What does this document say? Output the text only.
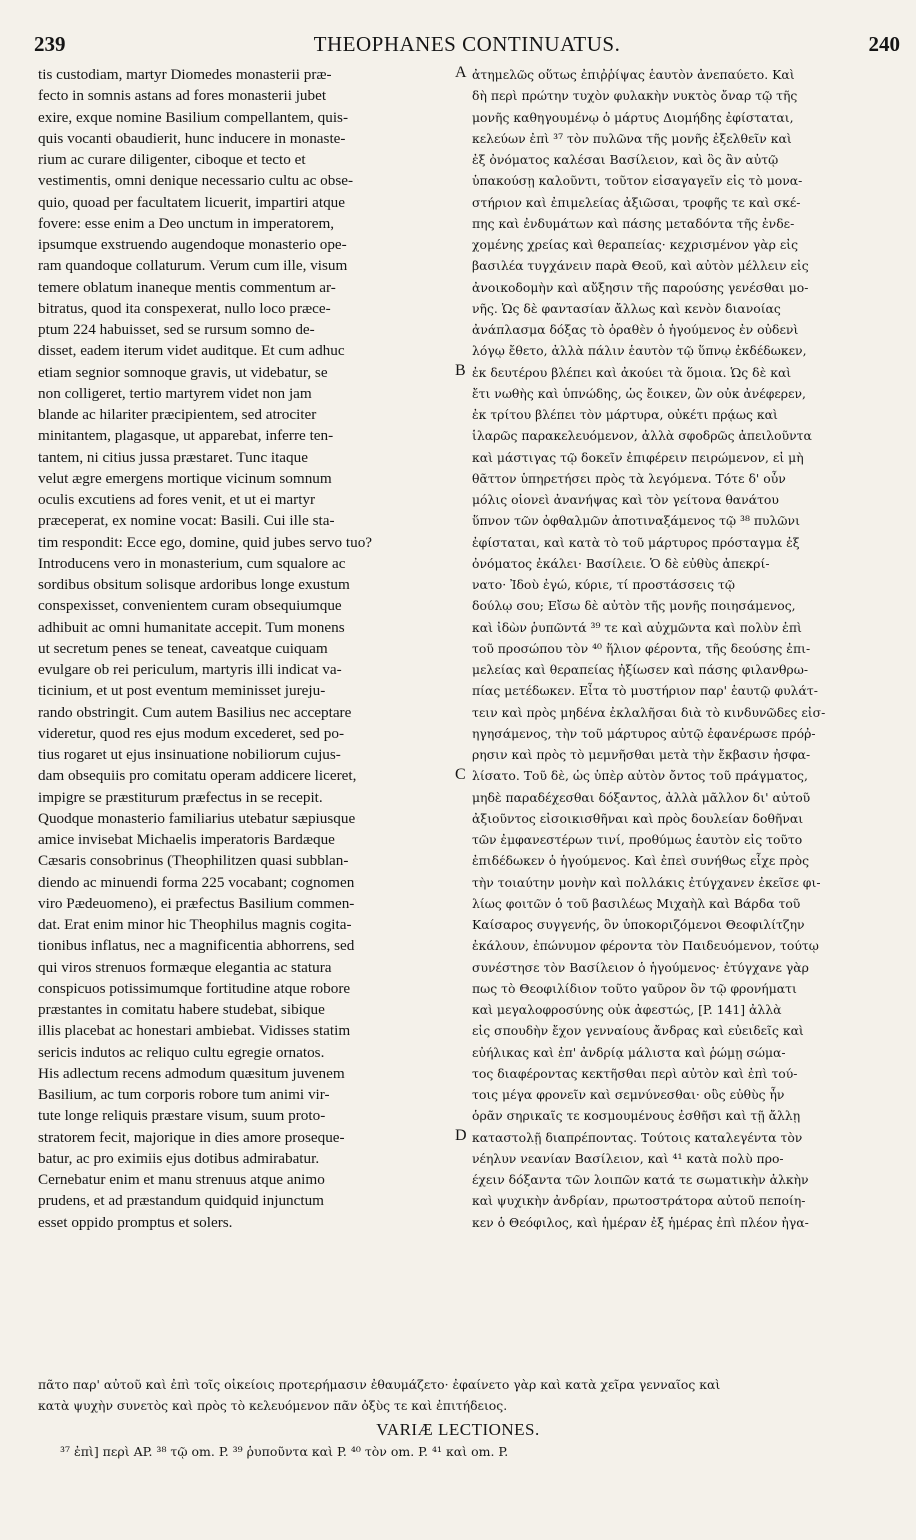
239	THEOPHANES CONTINUATUS.	240
tis custodiam, martyr Diomedes monasterii præ-
fecto in somnis astans ad fores monasterii jubet
exire, exque nomine Basilium compellantem, quis-
quis vocanti obaudierit, hunc inducere in monaste-
rium ac curare diligenter, ciboque et tecto et
vestimentis, omni denique necessario cultu ac obse-
quio, quoad per facultatem licuerit, impartiri atque
fovere: esse enim a Deo unctum in imperatorem,
ipsumque exstruendo augendoque monasterio ope-
ram quandoque collaturum. Verum cum ille, visum
temere oblatum inaneque mentis commentum ar-
bitratus, quod ita conspexerat, nullo loco præce-
ptum 224 habuisset, sed se rursum somno de-
disset, eadem iterum videt auditque. Et cum adhuc
etiam segnior somnoque gravis, ut videbatur, se
non colligeret, tertio martyrem videt non jam
blande ac hilariter præcipientem, sed atrociter
minitantem, plagasque, ut apparebat, inferre ten-
tantem, ni citius jussa præstaret. Tunc itaque
velut ægre emergens mortique vicinum somnum
oculis excutiens ad fores venit, et ut ei martyr
præceperat, ex nomine vocat: Basili. Cui ille sta-
tim respondit: Ecce ego, domine, quid jubes servo tuo?
Introducens vero in monasterium, cum squalore ac
sordibus obsitum solisque ardoribus longe exustum
conspexisset, convenientem curam obsequiumque
adhibuit ac omni humanitate accepit. Tum monens
ut secretum penes se teneat, caveatque cuiquam
evulgare ob rei periculum, martyris illi indicat va-
ticinium, et ut post eventum meminisset jureju-
rando obstringit. Cum autem Basilius nec acceptare
videretur, quod res ejus modum excederet, sed po-
tius rogaret ut ejus insinuatione nobiliorum cujus-
dam obsequiis pro comitatu operam addicere liceret,
impigre se præstiturum præfectus in se recepit.
Quodque monasterio familiarius utebatur sæpiusque
amice invisebat Michaelis imperatoris Bardæque
Cæsaris consobrinus (Theophilitzen quasi subblan-
diendo ac minuendi forma 225 vocabant; cognomen
viro Pædeuomeno), ei præfectus Basilium commen-
dat. Erat enim minor hic Theophilus magnis cogita-
tionibus inflatus, nec a magnificentia abhorrens, sed
qui viros strenuos formæque elegantia ac statura
conspicuos potissimumque fortitudine atque robore
præstantes in comitatu habere studebat, sibique
illis placebat ac honestari ambiebat. Vidisses statim
sericis indutos ac reliquo cultu egregie ornatos.
His adlectum recens admodum quæsitum juvenem
Basilium, ac tum corporis robore tum animi vir-
tute longe reliquis præstare visum, suum proto-
stratorem fecit, majorique in dies amore proseque-
batur, ac pro eximiis ejus dotibus admirabatur.
Cernebatur enim et manu strenuus atque animo
prudens, et ad præstandum quidquid injunctum
esset oppido promptus et solers.
ἀτημελῶς οὕτως ἐπιῤῥίψας ἑαυτὸν ἀνεπαύετο. Καὶ
δὴ περὶ πρώτην τυχὸν φυλακὴν νυκτὸς ὄναρ τῷ τῆς
μονῆς καθηγουμένῳ ὁ μάρτυς Διομήδης ἐφίσταται,
κελεύων ἐπὶ ³⁷ τὸν πυλῶνα τῆς μονῆς ἐξελθεῖν καὶ
ἐξ ὀνόματος καλέσαι Βασίλειον, καὶ ὃς ἂν αὐτῷ
ὑπακούσῃ καλοῦντι, τοῦτον εἰσαγαγεῖν εἰς τὸ μονα-
στήριον καὶ ἐπιμελείας ἀξιῶσαι, τροφῆς τε καὶ σκέ-
πης καὶ ἐνδυμάτων καὶ πάσης μεταδόντα τῆς ἐνδε-
χομένης χρείας καὶ θεραπείας· κεχρισμένον γὰρ εἰς
βασιλέα τυγχάνειν παρὰ Θεοῦ, καὶ αὐτὸν μέλλειν εἰς
ἀνοικοδομὴν καὶ αὔξησιν τῆς παρούσης γενέσθαι μο-
νῆς. Ὡς δὲ φαντασίαν ἄλλως καὶ κενὸν διανοίας
ἀνάπλασμα δόξας τὸ ὁραθὲν ὁ ἡγούμενος ἐν οὐδενὶ
λόγῳ ἔθετο, ἀλλὰ πάλιν ἑαυτὸν τῷ ὕπνῳ ἐκδέδωκεν,
ἐκ δευτέρου βλέπει καὶ ἀκούει τὰ ὅμοια. Ὡς δὲ καὶ
ἔτι νωθὴς καὶ ὑπνώδης, ὡς ἔοικεν, ὢν οὐκ ἀνέφερεν,
ἐκ τρίτου βλέπει τὸν μάρτυρα, οὐκέτι πρᾴως καὶ
ἱλαρῶς παρακελευόμενον, ἀλλὰ σφοδρῶς ἀπειλοῦντα
καὶ μάστιγας τῷ δοκεῖν ἐπιφέρειν πειρώμενον, εἰ μὴ
θᾶττον ὑπηρετήσει πρὸς τὰ λεγόμενα. Τότε δ' οὖν
μόλις οἱονεὶ ἀνανήψας καὶ τὸν γείτονα θανάτου
ὕπνον τῶν ὀφθαλμῶν ἀποτιναξάμενος τῷ ³⁸ πυλῶνι
ἐφίσταται, καὶ κατὰ τὸ τοῦ μάρτυρος πρόσταγμα ἐξ
ὀνόματος ἐκάλει· Βασίλειε. Ὁ δὲ εὐθὺς ἀπεκρί-
νατο· Ἰδοὺ ἐγώ, κύριε, τί προστάσσεις τῷ
δούλῳ σου; Εἴσω δὲ αὐτὸν τῆς μονῆς ποιησάμενος,
καὶ ἰδὼν ῥυπῶντά ³⁹ τε καὶ αὐχμῶντα καὶ πολὺν ἐπὶ
τοῦ προσώπου τὸν ⁴⁰ ἥλιον φέροντα, τῆς δεούσης ἐπι-
μελείας καὶ θεραπείας ἠξίωσεν καὶ πάσης φιλανθρω-
πίας μετέδωκεν. Εἶτα τὸ μυστήριον παρ' ἑαυτῷ φυλάτ-
τειν καὶ πρὸς μηδένα ἐκλαλῆσαι διὰ τὸ κινδυνῶδες εἰσ-
ηγησάμενος, τὴν τοῦ μάρτυρος αὐτῷ ἐφανέρωσε πρόῤ-
ρησιν καὶ πρὸς τὸ μεμνῆσθαι μετὰ τὴν ἔκβασιν ἠσφα-
λίσατο. Τοῦ δὲ, ὡς ὑπὲρ αὐτὸν ὄντος τοῦ πράγματος,
μηδὲ παραδέχεσθαι δόξαντος, ἀλλὰ μᾶλλον δι' αὐτοῦ
ἀξιοῦντος εἰσοικισθῆναι καὶ πρὸς δουλείαν δοθῆναι
τῶν ἐμφανεστέρων τινί, προθύμως ἑαυτὸν εἰς τοῦτο
ἐπιδέδωκεν ὁ ἡγούμενος. Καὶ ἐπεὶ συνήθως εἶχε πρὸς
τὴν τοιαύτην μονὴν καὶ πολλάκις ἐτύγχανεν ἐκεῖσε φι-
λίως φοιτῶν ὁ τοῦ βασιλέως Μιχαὴλ καὶ Βάρδα τοῦ
Καίσαρος συγγενής, ὃν ὑποκοριζόμενοι Θεοφιλίτζην
ἐκάλουν, ἐπώνυμον φέροντα τὸν Παιδευόμενον, τούτῳ
συνέστησε τὸν Βασίλειον ὁ ἡγούμενος· ἐτύγχανε γὰρ
πως τὸ Θεοφιλίδιον τοῦτο γαῦρον ὂν τῷ φρονήματι
καὶ μεγαλοφροσύνης οὐκ ἀφεστώς, [P. 141] ἀλλὰ
εἰς σπουδὴν ἔχον γενναίους ἄνδρας καὶ εὐειδεῖς καὶ
εὐήλικας καὶ ἐπ' ἀνδρίᾳ μάλιστα καὶ ῥώμῃ σώμα-
τος διαφέροντας κεκτῆσθαι περὶ αὐτὸν καὶ ἐπὶ τού-
τοις μέγα φρονεῖν καὶ σεμνύνεσθαι· οὓς εὐθὺς ἦν
ὁρᾶν σηρικαῖς τε κοσμουμένους ἐσθῆσι καὶ τῇ ἄλλῃ
καταστολῇ διαπρέποντας. Τούτοις καταλεγέντα τὸν
νέηλυν νεανίαν Βασίλειον, καὶ ⁴¹ κατὰ πολὺ προ-
έχειν δόξαντα τῶν λοιπῶν κατά τε σωματικὴν ἀλκὴν
καὶ ψυχικὴν ἀνδρίαν, πρωτοστράτορα αὐτοῦ πεποίη-
κεν ὁ Θεόφιλος, καὶ ἡμέραν ἐξ ἡμέρας ἐπὶ πλέον ἠγα-
A
B
C
D
πᾶτο παρ' αὐτοῦ καὶ ἐπὶ τοῖς οἰκείοις προτερήμασιν ἐθαυμάζετο· ἐφαίνετο γὰρ καὶ κατὰ χεῖρα γενναῖος καὶ
κατὰ ψυχὴν συνετὸς καὶ πρὸς τὸ κελευόμενον πᾶν ὀξὺς τε καὶ ἐπιτήδειος.
VARIÆ LECTIONES.
³⁷ ἐπὶ] περὶ AP. ³⁸ τῷ om. P. ³⁹ ῥυποῦντα καὶ P. ⁴⁰ τὸν om. P. ⁴¹ καὶ om. P.
